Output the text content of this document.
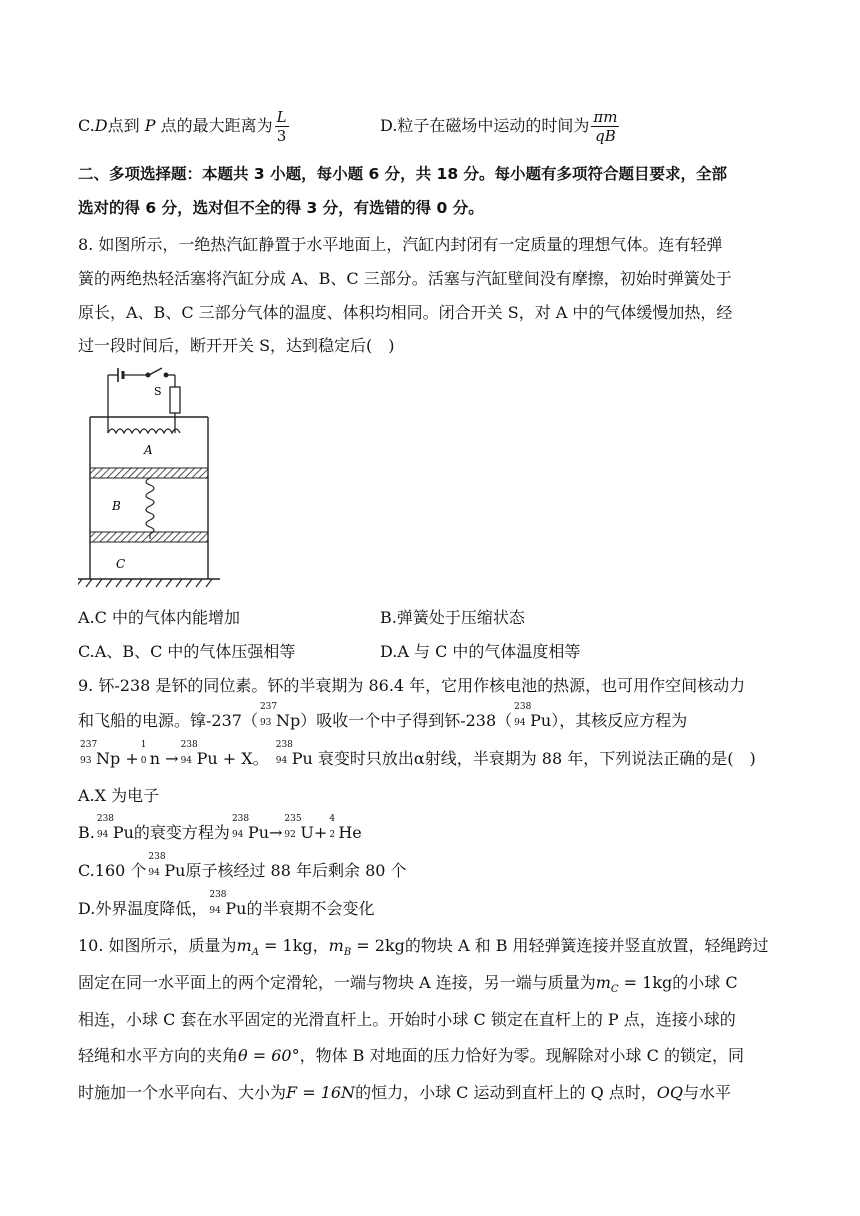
C.D点到 P 点的最大距离为 $\frac{L}{3}$	D.粒子在磁场中运动的时间为 $\frac{\pi m}{qB}$
二、多项选择题：本题共 3 小题，每小题 6 分，共 18 分。每小题有多项符合题目要求，全部
选对的得 6 分，选对但不全的得 3 分，有选错的得 0 分。
8. 如图所示，一绝热汽缸静置于水平地面上，汽缸内封闭有一定质量的理想气体。连有轻弹
簧的两绝热轻活塞将汽缸分成 A、B、C 三部分。活塞与汽缸壁间没有摩擦，初始时弹簧处于
原长，A、B、C 三部分气体的温度、体积均相同。闭合开关 S，对 A 中的气体缓慢加热，经
过一段时间后，断开开关 S，达到稳定后(　)
S
A
B
C
A.C 中的气体内能增加	B.弹簧处于压缩状态
C.A、B、C 中的气体压强相等	D.A 与 C 中的气体温度相等
9. 钚-238 是钚的同位素。钚的半衰期为 86.4 年，它用作核电池的热源，也可用作空间核动力
和飞船的电源。镎-237（
237
93 Np）吸收一个中子得到钚-238（
238
94 Pu），其核反应方程为
237
93 Np +
1
0 n →
238
94 Pu + X。
238
94 Pu 衰变时只放出α射线，半衰期为 88 年，下列说法正确的是(　)
A.X 为电子
B.
238
94 Pu的衰变方程为
238
94 Pu→
235
92 U+
4
2 He
C.160 个
238
94 Pu原子核经过 88 年后剩余 80 个
D.外界温度降低，
238
94 Pu的半衰期不会变化
10. 如图所示，质量为$m_A = 1kg$，$m_B = 2kg$的物块 A 和 B 用轻弹簧连接并竖直放置，轻绳跨过
固定在同一水平面上的两个定滑轮，一端与物块 A 连接，另一端与质量为$m_C = 1kg$的小球 C
相连，小球 C 套在水平固定的光滑直杆上。开始时小球 C 锁定在直杆上的 P 点，连接小球的
轻绳和水平方向的夹角θ = 60°，物体 B 对地面的压力恰好为零。现解除对小球 C 的锁定，同
时施加一个水平向右、大小为F = 16N的恒力，小球 C 运动到直杆上的 Q 点时，OQ与水平
